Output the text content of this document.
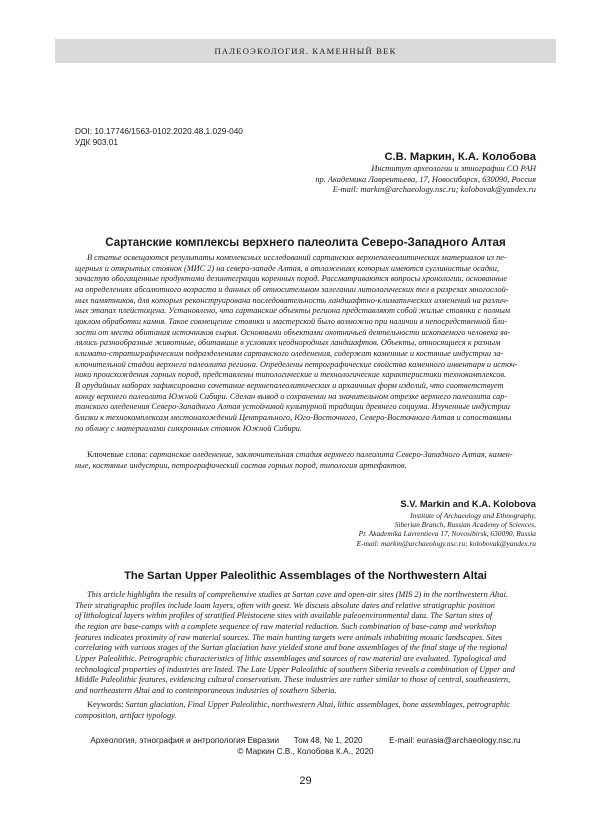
ПАЛЕОЭКОЛОГИЯ. КАМЕННЫЙ ВЕК
DOI: 10.17746/1563-0102.2020.48.1.029-040
УДК 903.01
С.В. Маркин, К.А. Колобова
Институт археологии и этнографии СО РАН
пр. Академика Лаврентьева, 17, Новосибирск, 630090, Россия
E-mail: markin@archaeology.nsc.ru; kolobovak@yandex.ru
Сартанские комплексы верхнего палеолита Северо-Западного Алтая
В статье освещаются результаты комплексных исследований сартанских верхнепалеолитических материалов из пе-
щерных и открытых стоянок (МИС 2) на северо-западе Алтая, в отложениях которых имеются суглинистые осадки,
зачастую обогащенные продуктами дезинтеграции коренных пород. Рассматриваются вопросы хронологии, основанные
на определениях абсолютного возраста и данных об относительном залегании литологических тел в разрезах многослой-
ных памятников, для которых реконструирована последовательность ландшафтно-климатических изменений на различ-
ных этапах плейстоцена. Установлено, что сартанские объекты региона представляют собой жилые стоянки с полным
циклом обработки камня. Такое совмещение стоянки и мастерской было возможно при наличии в непосредственной бли-
зости от места обитания источников сырья. Основными объектами охотничьей деятельности ископаемого человека яв-
лялись разнообразные животные, обитавшие в условиях неоднородных ландшафтов. Объекты, относящиеся к разным
климато-стратиграфическим подразделениям сартанского оледенения, содержат каменные и костяные индустрии за-
ключительной стадии верхнего палеолита региона. Определены петрографические свойства каменного инвентаря и источ-
ники происхождения горных пород, представлены типологические и технологические характеристики технокомплексов.
В орудийных наборах зафиксировано сочетание верхнепалеолитических и архаичных форм изделий, что соответствует
концу верхнего палеолита Южной Сибири. Сделан вывод о сохранении на значительном отрезке верхнего палеолита сар-
танского оледенения Северо-Западного Алтая устойчивой культурной традиции древнего социума. Изученные индустрии
близки к технокомплексам местонахождений Центрального, Юго-Восточного, Северо-Восточного Алтая и сопоставимы
по облику с материалами синхронных стоянок Южной Сибири.
Ключевые слова: сартанское оледенение, заключительная стадия верхнего палеолита Северо-Западного Алтая, камен-
ные, костяные индустрии, петрографический состав горных пород, типология артефактов.
S.V. Markin and K.A. Kolobova
Institute of Archaeology and Ethnography,
Siberian Branch, Russian Academy of Sciences,
Pr. Akademika Lavrentieva 17, Novosibirsk, 630090, Russia
E-mail: markin@archaeology.nsc.ru; kolobovak@yandex.ru
The Sartan Upper Paleolithic Assemblages of the Northwestern Altai
This article highlights the results of comprehensive studies at Sartan cave and open-air sites (MIS 2) in the northwestern Altai.
Their stratigraphic profiles include loam layers, often with geest. We discuss absolute dates and relative stratigraphic position
of lithological layers within profiles of stratified Pleistocene sites with available paleoenvironmental data. The Sartan sites of
the region are base-camps with a complete sequence of raw material reduction. Such combination of base-camp and workshop
features indicates proximity of raw material sources. The main hunting targets were animals inhabiting mosaic landscapes. Sites
correlating with various stages of the Sartan glaciation have yielded stone and bone assemblages of the final stage of the regional
Upper Paleolithic. Petrographic characteristics of lithic assemblages and sources of raw material are evaluated. Typological and
technological properties of industries are listed. The Late Upper Paleolithic of southern Siberia reveals a combination of Upper and
Middle Paleolithic features, evidencing cultural conservatism. These industries are rather similar to those of central, southeastern,
and northeastern Altai and to contemporaneous industries of southern Siberia.
Keywords: Sartan glaciation, Final Upper Paleolithic, northwestern Altai, lithic assemblages, bone assemblages, petrographic
composition, artifact typology.
Археология, этнография и антропология Евразии Том 48, № 1, 2020	E-mail: eurasia@archaeology.nsc.ru
© Маркин С.В., Колобова К.А., 2020
29
